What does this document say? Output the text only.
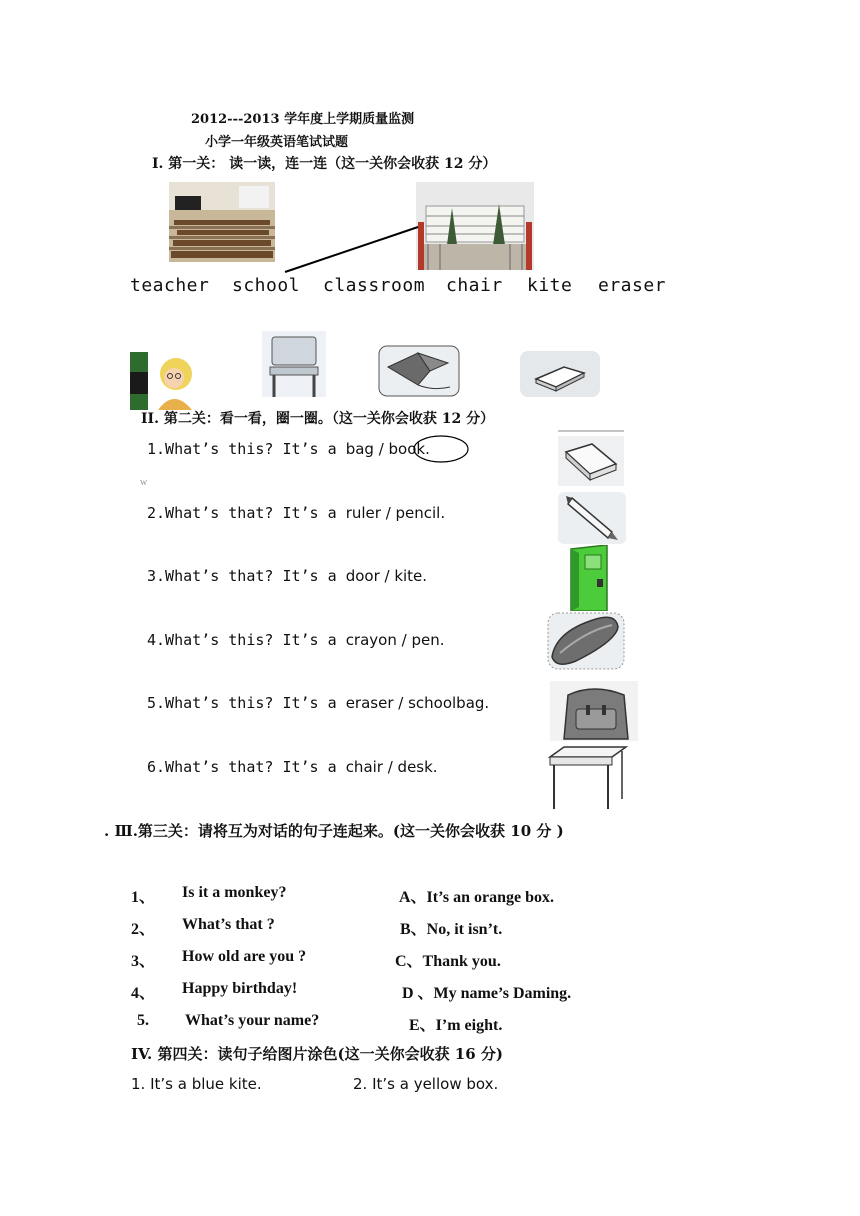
2012---2013 学年度上学期质量监测
小学一年级英语笔试试题
I. 第一关： 读一读，连一连（这一关你会收获 12 分）
teacher school classroom chair kite eraser
II. 第二关：看一看，圈一圈。（这一关你会收获 12 分）
1.What’s this? It’s a bag / book.
w
2.What’s that? It’s a ruler / pencil.
3.What’s that? It’s a door / kite.
4.What’s this? It’s a crayon / pen.
5.What’s this? It’s a eraser / schoolbag.
6.What’s that? It’s a chair / desk.
. Ⅲ.第三关：请将互为对话的句子连起来。(这一关你会收获 10 分 )
1、 Is it a monkey?
2、 What’s that ?
3、 How old are you ?
4、 Happy birthday!
5. What’s your name?
A、It’s an orange box.
B、No, it isn’t.
C、Thank you.
D 、My name’s Daming.
E、I’m eight.
IV. 第四关：读句子给图片涂色(这一关你会收获 16 分)
1. It’s a blue kite.	2. It’s a yellow box.
